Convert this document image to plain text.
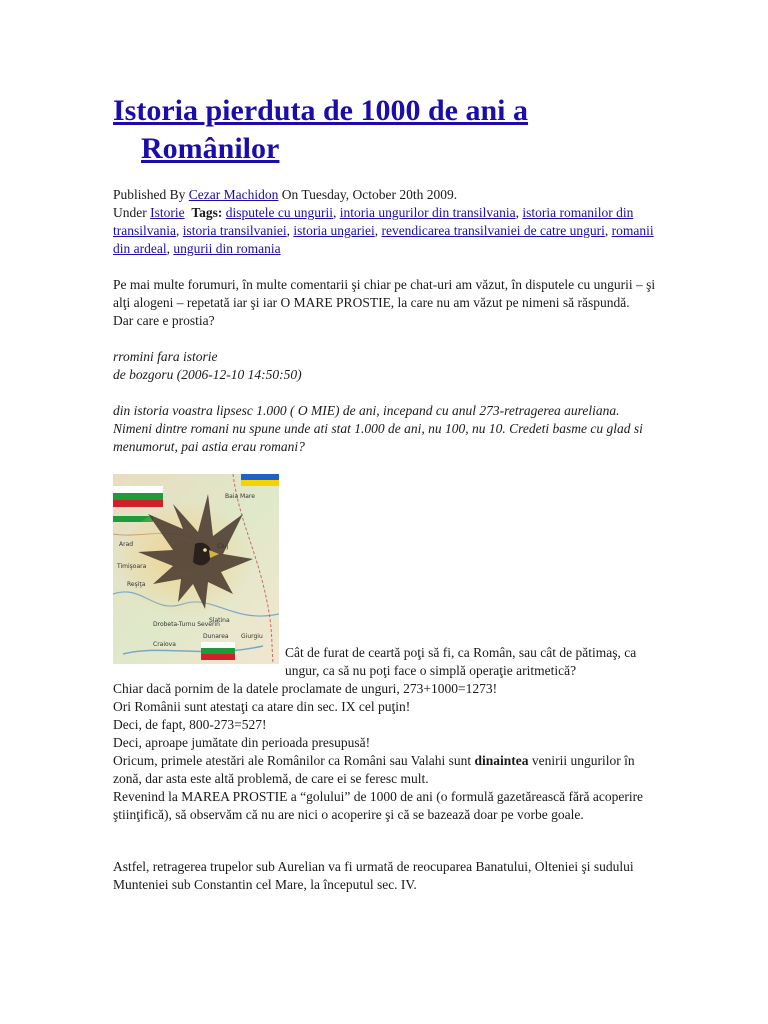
Istoria pierduta de 1000 de ani a
Românilor
Published By Cezar Machidon On Tuesday, October 20th 2009.
Under Istorie Tags: disputele cu ungurii, intoria ungurilor din transilvania, istoria romanilor din transilvania, istoria transilvaniei, istoria ungariei, revendicarea transilvaniei de catre unguri, romanii din ardeal, ungurii din romania

Pe mai multe forumuri, în multe comentarii şi chiar pe chat-uri am văzut, în disputele cu ungurii – şi alţi alogeni – repetată iar şi iar O MARE PROSTIE, la care nu am văzut pe nimeni să răspundă.

Dar care e prostia?

rromini fara istorie

de bozgoru (2006-12-10 14:50:50)

din istoria voastra lipsesc 1.000 ( O MIE) de ani, incepand cu anul 273-retragerea aureliana. Nimeni dintre romani nu spune unde ati stat 1.000 de ani, nu 100, nu 10. Credeti basme cu glad si menumorut, pai astia erau romani?

Baia Mare
Cluj
Arad
Timişoara
Reşiţa
Drobeta-Turnu Severin
Slatina
Craiova
Dunarea Giurgiu

Cât de furat de ceartă poţi să fi, ca Român, sau cât de pătimaş, ca ungur, ca să nu poţi face o simplă operaţie aritmetică?

Chiar dacă pornim de la datele proclamate de unguri, 273+1000=1273!

Ori Românii sunt atestaţi ca atare din sec. IX cel puţin!

Deci, de fapt, 800-273=527!

Deci, aproape jumătate din perioada presupusă!

Oricum, primele atestări ale Românilor ca Români sau Valahi sunt dinaintea venirii ungurilor în zonă, dar asta este altă problemă, de care ei se feresc mult.

Revenind la MAREA PROSTIE a “golului” de 1000 de ani (o formulă gazetărească fără acoperire ştiinţifică), să observăm că nu are nici o acoperire şi că se bazează doar pe vorbe goale.

Astfel, retragerea trupelor sub Aurelian va fi urmată de reocuparea Banatului, Olteniei şi sudului Munteniei sub Constantin cel Mare, la începutul sec. IV.
